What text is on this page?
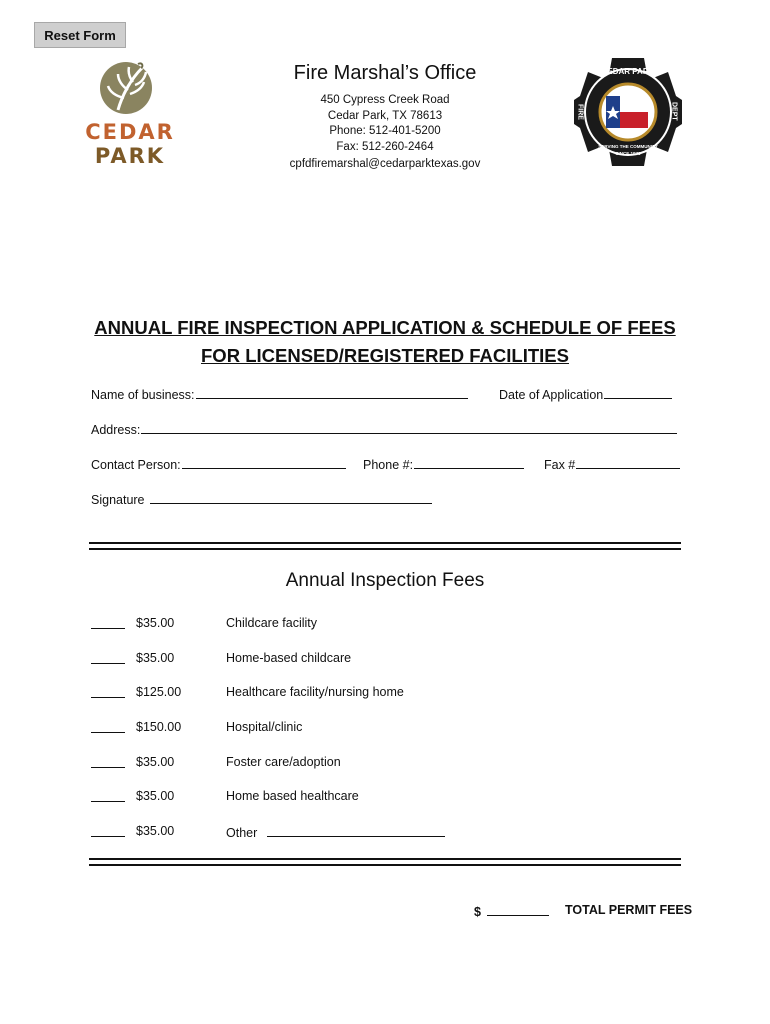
Reset Form
CEDAR
PARK
Fire Marshal’s Office
450 Cypress Creek Road
Cedar Park, TX 78613
Phone: 512-401-5200
Fax: 512-260-2464
cpfdfiremarshal@cedarparktexas.gov
CEDAR PARK
FIRE	DEPT
SERVING THE COMMUNITY
SINCE 1973
ANNUAL FIRE INSPECTION APPLICATION & SCHEDULE OF FEES
FOR LICENSED/REGISTERED FACILITIES
Name of business:	Date of Application
Address:
Contact Person:	Phone #:	Fax #
Signature
Annual Inspection Fees
$35.00	Childcare facility
$35.00	Home-based childcare
$125.00	Healthcare facility/nursing home
$150.00	Hospital/clinic
$35.00	Foster care/adoption
$35.00	Home based healthcare
$35.00	Other
$	TOTAL PERMIT FEES
